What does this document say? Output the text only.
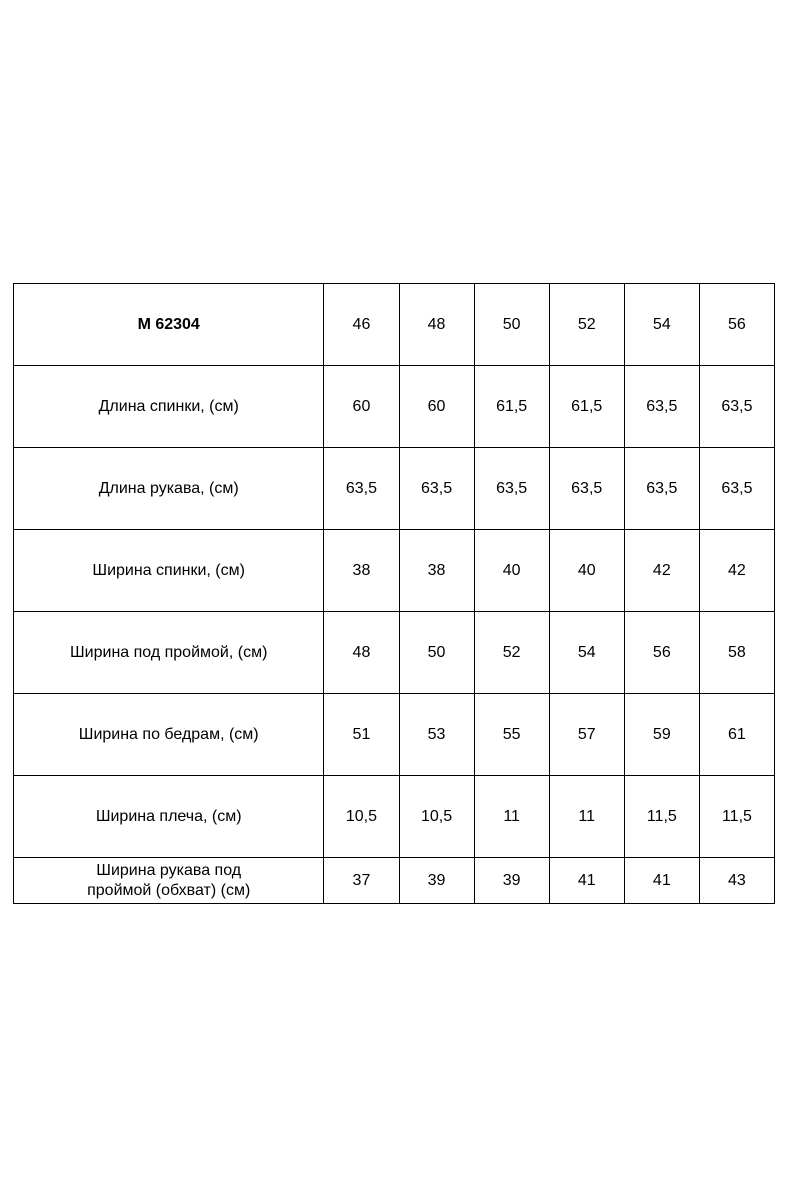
М 62304	46	48	50	52	54	56
Длина спинки, (см)	60	60	61,5	61,5	63,5	63,5
Длина рукава, (см)	63,5	63,5	63,5	63,5	63,5	63,5
Ширина спинки, (см)	38	38	40	40	42	42
Ширина под проймой, (см)	48	50	52	54	56	58
Ширина по бедрам, (см)	51	53	55	57	59	61
Ширина плеча, (см)	10,5	10,5	11	11	11,5	11,5
Ширина рукава под
проймой (обхват) (см)	37	39	39	41	41	43
